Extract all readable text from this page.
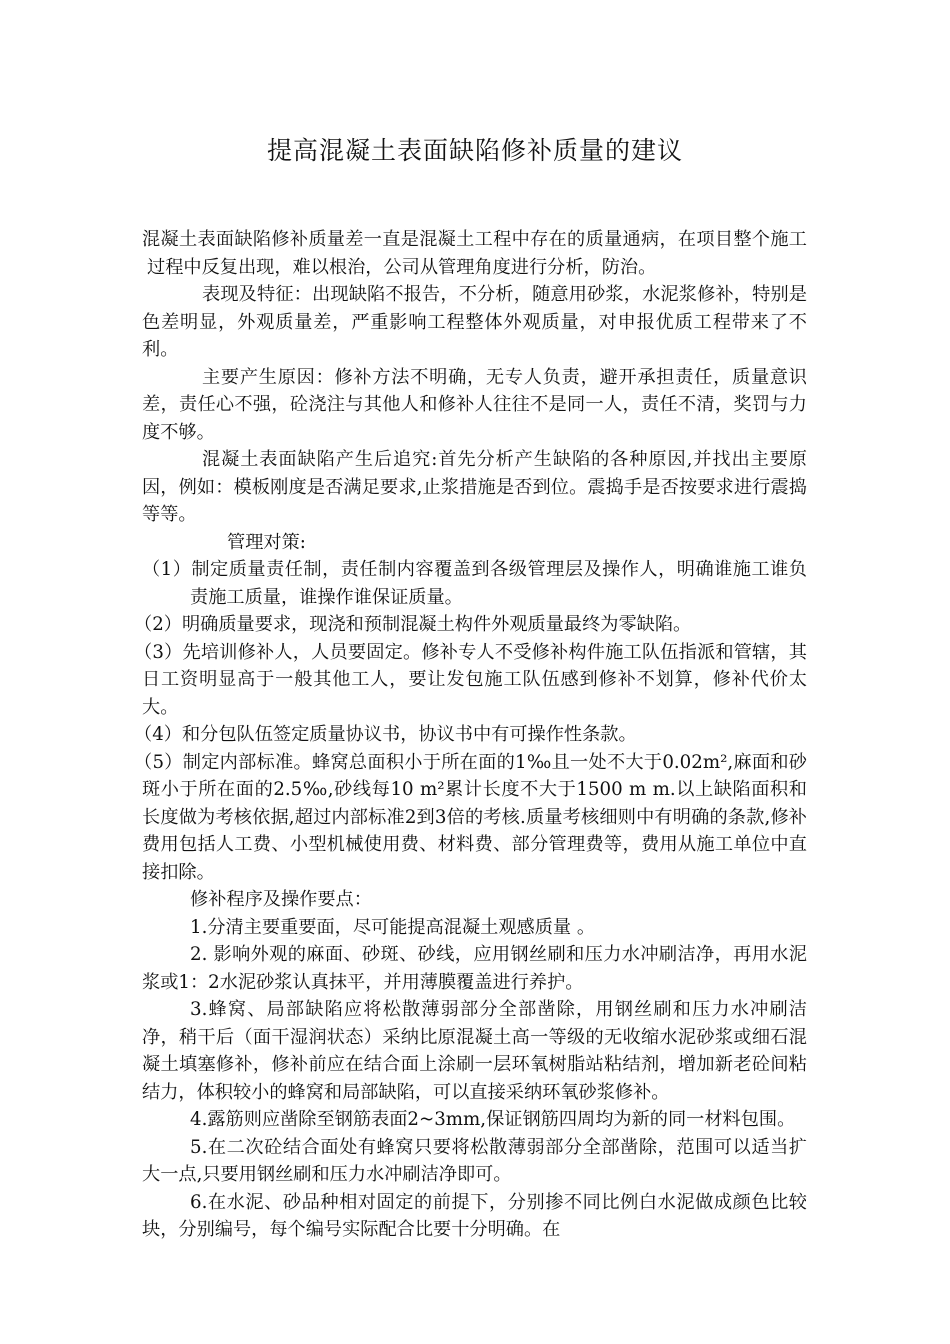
提高混凝土表面缺陷修补质量的建议

混凝土表面缺陷修补质量差一直是混凝土工程中存在的质量通病，在项目整个施工过程中反复出现，难以根治，公司从管理角度进行分析，防治。

表现及特征：出现缺陷不报告，不分析，随意用砂浆，水泥浆修补，特别是色差明显，外观质量差，严重影响工程整体外观质量，对申报优质工程带来了不利。

主要产生原因：修补方法不明确，无专人负责，避开承担责任，质量意识差，责任心不强，砼浇注与其他人和修补人往往不是同一人，责任不清，奖罚与力度不够。

混凝土表面缺陷产生后追究:首先分析产生缺陷的各种原因,并找出主要原因，例如：模板刚度是否满足要求,止浆措施是否到位。震捣手是否按要求进行震捣等等。

管理对策:

（1）制定质量责任制，责任制内容覆盖到各级管理层及操作人，明确谁施工谁负责施工质量，谁操作谁保证质量。

（2）明确质量要求，现浇和预制混凝土构件外观质量最终为零缺陷。

（3）先培训修补人，人员要固定。修补专人不受修补构件施工队伍指派和管辖，其日工资明显高于一般其他工人，要让发包施工队伍感到修补不划算，修补代价太大。

（4）和分包队伍签定质量协议书，协议书中有可操作性条款。

（5）制定内部标准。蜂窝总面积小于所在面的1‰且一处不大于0.02m²,麻面和砂斑小于所在面的2.5‰,砂线每10 m²累计长度不大于1500 m m.以上缺陷面积和长度做为考核依据,超过内部标准2到3倍的考核.质量考核细则中有明确的条款,修补费用包括人工费、小型机械使用费、材料费、部分管理费等，费用从施工单位中直接扣除。

修补程序及操作要点：

1.分清主要重要面，尽可能提高混凝土观感质量 。

2. 影响外观的麻面、砂斑、砂线，应用钢丝刷和压力水冲刷洁净，再用水泥浆或1：2水泥砂浆认真抹平，并用薄膜覆盖进行养护。

3.蜂窝、局部缺陷应将松散薄弱部分全部凿除，用钢丝刷和压力水冲刷洁净，稍干后（面干湿润状态）采纳比原混凝土高一等级的无收缩水泥砂浆或细石混凝土填塞修补，修补前应在结合面上涂刷一层环氧树脂站粘结剂，增加新老砼间粘结力，体积较小的蜂窝和局部缺陷，可以直接采纳环氧砂浆修补。

4.露筋则应凿除至钢筋表面2~3mm,保证钢筋四周均为新的同一材料包围。

5.在二次砼结合面处有蜂窝只要将松散薄弱部分全部凿除，范围可以适当扩大一点,只要用钢丝刷和压力水冲刷洁净即可。

6.在水泥、砂品种相对固定的前提下，分别掺不同比例白水泥做成颜色比较块，分别编号，每个编号实际配合比要十分明确。在
